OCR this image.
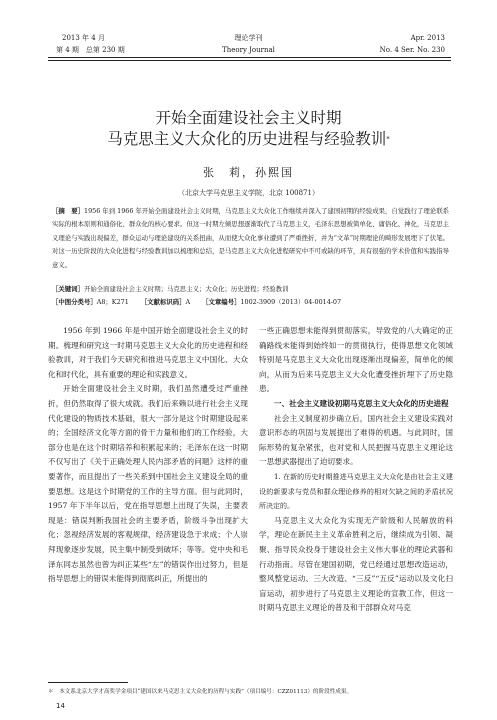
2013 年 4 月
第 4 期　总第 230 期
理论学刊
Theory Journal
Apr. 2013
No. 4 Ser. No. 230
开始全面建设社会主义时期
马克思主义大众化的历史进程与经验教训*
张　莉，孙熙国
（北京大学马克思主义学院，北京 100871）
［摘　要］1956 年到 1966 年开始全面建设社会主义时期，马克思主义大众化工作继续并深入了建国初期的经验成果，自觉践行了理论联系实际的根本原则和通俗化、群众化的核心要求。但这一时期左倾思想逐渐取代了马克思主义，毛泽东思想被简单化、庸俗化、神化，马克思主义理论与实践出现偏差，群众运动与理论建设的关系扭曲，从而使大众化事业遭到了严重挫折，并为“文革”时期理论的畸形发展埋下了伏笔。对这一历史阶段的大众化进程与经验教训加以梳理和总结，是马克思主义大众化进程研究中不可或缺的环节，具有很强的学术价值和实践指导意义。
［关键词］开始全面建设社会主义时期；马克思主义；大众化；历史进程；经验教训
［中图分类号］A8；K271 ［文献标识码］A ［文章编号］1002-3909（2013）04-0014-07

1956 年到 1966 年是中国开始全面建设社会主义的时期。梳理和研究这一时期马克思主义大众化的历史进程和经验教训，对于我们今天研究和推进马克思主义中国化、大众化和时代化，具有重要的理论和实践意义。

开始全面建设社会主义时期，我们虽然遭受过严重挫折，但仍然取得了很大成就。我们后来赖以进行社会主义现代化建设的物质技术基础，很大一部分是这个时期建设起来的；全国经济文化等方面的骨干力量和他们的工作经验，大部分也是在这个时期培养和积累起来的；毛泽东在这一时期不仅写出了《关于正确处理人民内部矛盾的问题》这样的重要著作，而且提出了一些关系到中国社会主义建设全局的重要思想。这是这个时期党的工作的主导方面。但与此同时，1957 年下半年以后，党在指导思想上出现了失误，主要表现是：错误判断我国社会的主要矛盾，阶级斗争出现扩大化；忽视经济发展的客观规律，经济建设急于求成；个人崇拜现象逐步发展，民主集中制受到破坏；等等。党中央和毛泽东同志虽然也曾为纠正某些“左”的错误作出过努力，但是指导思想上的错误未能得到彻底纠正，所提出的

一些正确思想未能得到贯彻落实，导致党的八大确定的正确路线未能得到始终如一的贯彻执行，使得思想文化领域特别是马克思主义大众化出现逐渐出现偏差，简单化的倾向，从而为后来马克思主义大众化遭受挫折埋下了历史隐患。

一、社会主义建设初期马克思主义大众化的历史进程

社会主义制度初步确立后，国内社会主义建设实践对意识形态的巩固与发展提出了难得的机遇。与此同时，国际形势的复杂紧张，也对党和人民把握马克思主义理论这一思想武器提出了迫切要求。

1. 在新的历史时期推进马克思主义大众化是由社会主义建设的新要求与党员和群众理论修养的相对欠缺之间的矛盾状况所决定的。

马克思主义大众化为实现无产阶级和人民解放的科学，理论在新民主主义革命胜利之后，继续成为引领、凝聚、指导民众投身于建设社会主义伟大事业的理论武器和行动指南。尽管在建国初期，党已经通过思想改造运动，整风整党运动、三大改造、“三反”“五反”运动以及文化扫盲运动，初步进行了马克思主义理论的宣教工作，但这一时期马克思主义理论的普及和干部群众对马克

＊　本文系北京大学才高奖学金项目“建国以来马克思主义大众化的历程与实践”（项目编号：CZZ01113）的阶段性成果。
14
